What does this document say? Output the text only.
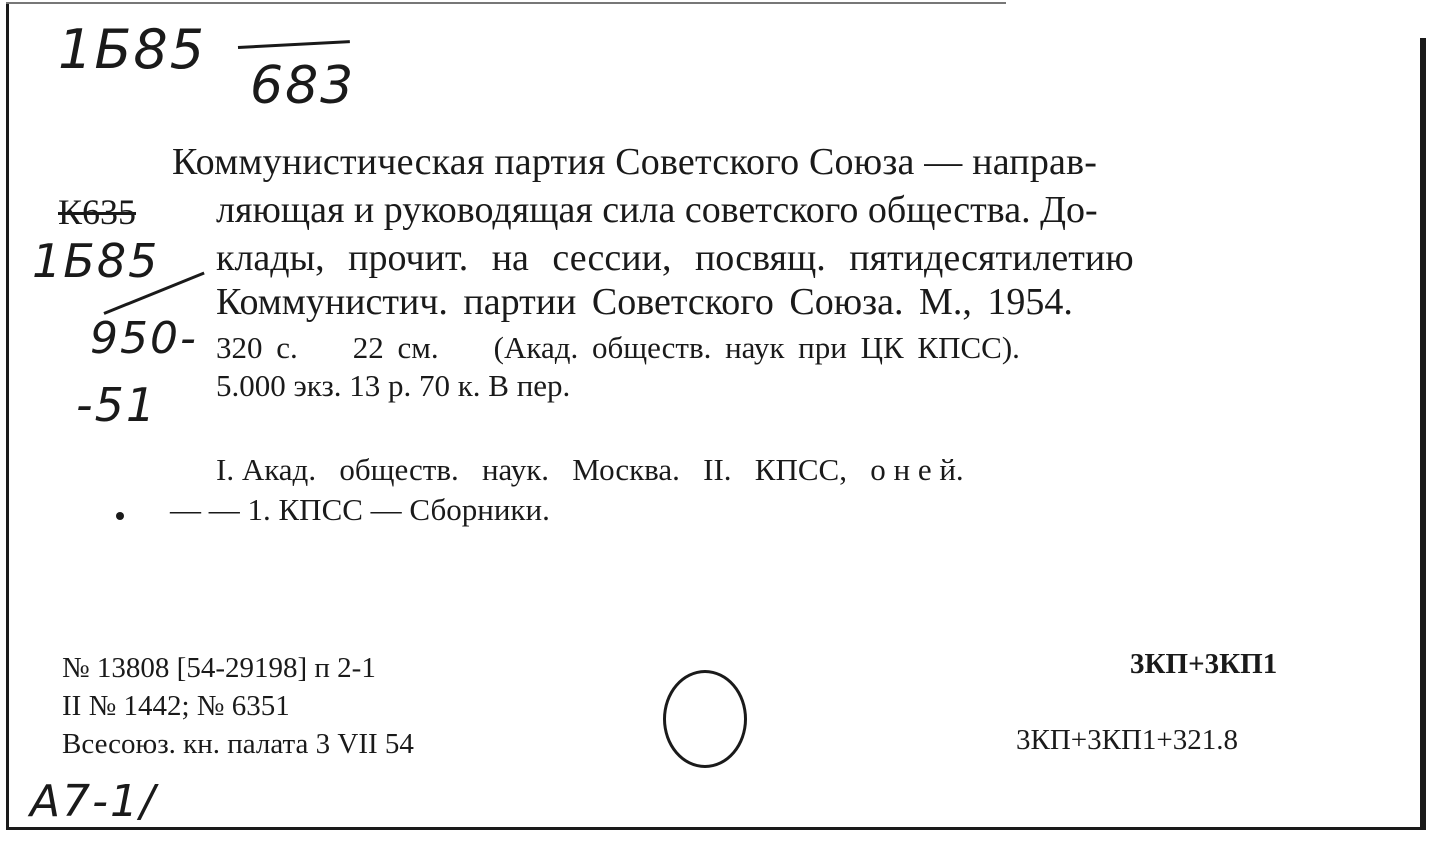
1Б85
683
К635
1Б85
950-
-51
Коммунистическая партия Советского Союза — направ-
ляющая и руководящая сила советского общества. До-
клады, прочит. на сессии, посвящ. пятидесятилетию
Коммунистич. партии Советского Союза. М., 1954.
320 с.    22 см.    (Акад. обществ. наук при ЦК КПСС).
5.000 экз. 13 р. 70 к. В пер.
I. Акад.   обществ.   наук.   Москва.   II.   КПСС,   о н е й.
— — 1. КПСС — Сборники.
№ 13808 [54-29198] п 2-1
II № 1442; № 6351
Всесоюз. кн. палата 3 VII 54
3КП+3КП1
3КП+3КП1+321.8
A7-1/
